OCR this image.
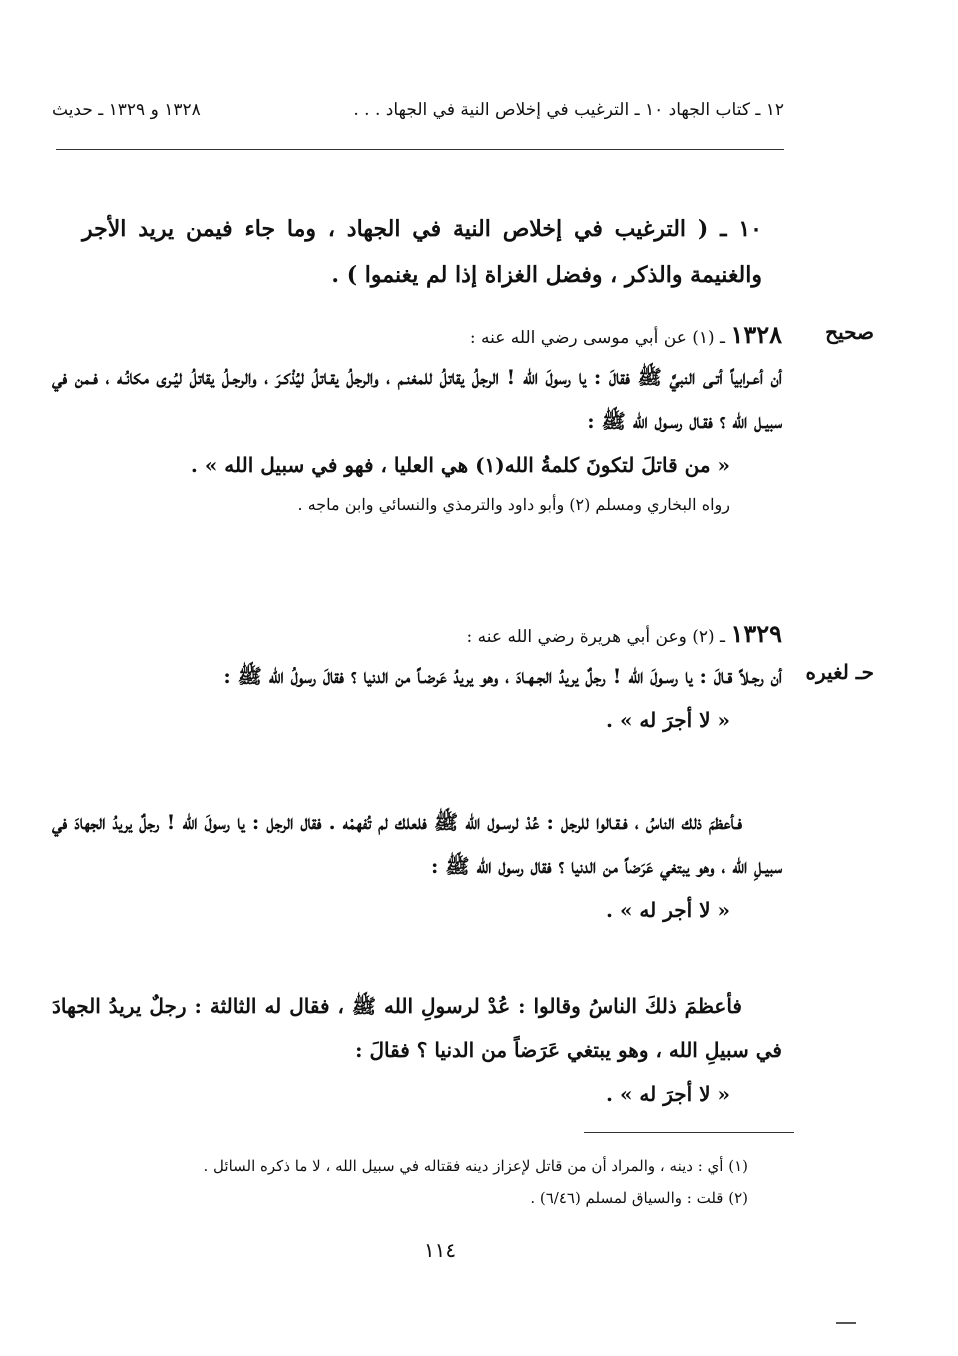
١٢ ـ كتاب الجهاد ١٠ ـ الترغيب في إخلاص النية في الجهاد . . .
١٣٢٨ و ١٣٢٩ ـ حديث
١٠ ـ ( الترغيب في إخلاص النية في الجهاد ، وما جاء فيمن يريد الأجر والغنيمة والذكر ، وفضل الغزاة إذا لم يغنموا ) .
صحيح
حـ لغيره
١٣٢٨ ـ (١) عن أبي موسى رضي الله عنه :
أن أعـرابياً أتـى النبيَّ ﷺ فقالَ : يا رسولَ الله ! الرجلُ يقاتلُ للمغنـم ، والرجلُ يقـاتلُ ليُذْكـرَ ، والرجـلُ يقاتلُ ليُـرى مكانُـه ، فـمن في سبيـل الله ؟ فقـال رسـول الله ﷺ :
« من قاتلَ لتكونَ كلمةُ الله(١) هي العليا ، فهو في سبيل الله » .
رواه البخاري ومسلم (٢) وأبو داود والترمذي والنسائي وابن ماجه .
١٣٢٩ ـ (٢) وعن أبي هريرة رضي الله عنه :
أن رجـلاً قـالَ : يا رسـولَ الله ! رجلٌ يريدُ الجـهـادَ ، وهو يريدُ عَرضـاً من الدنيا ؟ فقالَ رسولُ الله ﷺ :
« لا أجرَ له » .
فـأعظمَ ذلك الناسُ ، فـقـالوا للرجل : عُدْ لرسـول الله ﷺ فلعلك لم تُفهمْه . فقال الرجل : يا رسولَ الله ! رجلٌ يريدُ الجهادَ في سبيـلِ الله ، وهو يبتغي عَرَضاً من الدنيا ؟ فقال رسول الله ﷺ :
« لا أجر له » .
فأعظمَ ذلكَ الناسُ وقالوا : عُدْ لرسولِ الله ﷺ ، فقال له الثالثة : رجلٌ يريدُ الجهادَ في سبيلِ الله ، وهو يبتغي عَرَضاً من الدنيا ؟ فقالَ :
« لا أجرَ له » .
(١) أي : دينه ، والمراد أن من قاتل لإعزاز دينه فقتاله في سبيل الله ، لا ما ذكره السائل .
(٢) قلت : والسياق لمسلم (٦/٤٦) .
١١٤
